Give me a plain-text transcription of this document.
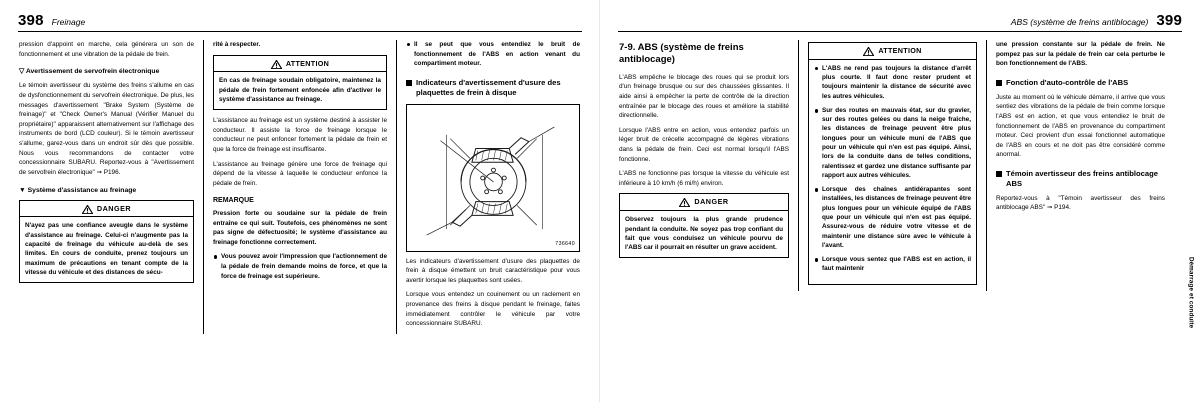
398 Freinage

pression d'appoint en marche, cela générera un son de fonctionnement et une vibration de la pédale de frein.

▽ Avertissement de servofrein électronique

Le témoin avertisseur du système des freins s'allume en cas de dysfonctionnement du servofrein électronique. De plus, les messages d'avertissement "Brake System (Système de freinage)" et "Check Owner's Manual (Vérifier Manuel du propriétaire)" apparaissent alternativement sur l'affichage des instruments de bord (LCD couleur). Si le témoin avertisseur s'allume, garez-vous dans un endroit sûr dès que possible. Nous vous recommandons de contacter votre concessionnaire SUBARU. Reportez-vous à "Avertissement de servofrein électronique" ➞ P196.

▼ Système d'assistance au freinage
DANGER
N'ayez pas une confiance aveugle dans le système d'assistance au freinage. Celui-ci n'augmente pas la capacité de freinage du véhicule au-delà de ses limites. En cours de conduite, prenez toujours un maximum de précautions en tenant compte de la vitesse du véhicule et des distances de sécu-

rité à respecter.

ATTENTION
En cas de freinage soudain obligatoire, maintenez la pédale de frein fortement enfoncée afin d'activer le système d'assistance au freinage.

L'assistance au freinage est un système destiné à assister le conducteur. Il assiste la force de freinage lorsque le conducteur ne peut enfoncer fortement la pédale de frein et que la force de freinage est insuffisante.

L'assistance au freinage génère une force de freinage qui dépend de la vitesse à laquelle le conducteur enfonce la pédale de frein.

REMARQUE

Pression forte ou soudaine sur la pédale de frein entraîne ce qui suit. Toutefois, ces phénomènes ne sont pas signe de défectuosité; le système d'assistance au freinage fonctionne correctement.

Vous pouvez avoir l'impression que l'actionnement de la pédale de frein demande moins de force, et que la force de freinage est supérieure.
Il se peut que vous entendiez le bruit de fonctionnement de l'ABS en action venant du compartiment moteur.
Indicateurs d'avertissement d'usure des plaquettes de frein à disque
736640

Les indicateurs d'avertissement d'usure des plaquettes de frein à disque émettent un bruit caractéristique pour vous avertir lorsque les plaquettes sont usées.

Lorsque vous entendez un couinement ou un raclement en provenance des freins à disque pendant le freinage, faites immédiatement contrôler le véhicule par votre concessionnaire SUBARU.

ABS (système de freins antiblocage) 399
7-9. ABS (système de freins antiblocage)

L'ABS empêche le blocage des roues qui se produit lors d'un freinage brusque ou sur des chaussées glissantes. Il aide ainsi à empêcher la perte de contrôle de la direction entraînée par le blocage des roues et améliore la stabilité directionnelle.

Lorsque l'ABS entre en action, vous entendez parfois un léger bruit de crécelle accompagné de légères vibrations dans la pédale de frein. Ceci est normal lorsqu'il l'ABS fonctionne.

L'ABS ne fonctionne pas lorsque la vitesse du véhicule est inférieure à 10 km/h (6 mi/h) environ.

DANGER
Observez toujours la plus grande prudence pendant la conduite. Ne soyez pas trop confiant du fait que vous conduisez un véhicule pourvu de l'ABS car il pourrait en résulter un grave accident.
ATTENTION
L'ABS ne rend pas toujours la distance d'arrêt plus courte. Il faut donc rester prudent et toujours maintenir la distance de sécurité avec les autres véhicules.
Sur des routes en mauvais état, sur du gravier, sur des routes gelées ou dans la neige fraîche, les distances de freinage peuvent être plus longues pour un véhicule muni de l'ABS que pour un véhicule qui n'en est pas équipé. Ainsi, lors de la conduite dans de telles conditions, ralentissez et gardez une distance suffisante par rapport aux autres véhicules.
Lorsque des chaînes antidérapantes sont installées, les distances de freinage peuvent être plus longues pour un véhicule équipé de l'ABS que pour un véhicule qui n'en est pas équipé. Assurez-vous de réduire votre vitesse et de maintenir une distance sûre avec le véhicule à l'avant.
Lorsque vous sentez que l'ABS est en action, il faut maintenir

une pression constante sur la pédale de frein. Ne pompez pas sur la pédale de frein car cela perturbe le bon fonctionnement de l'ABS.

Fonction d'auto-contrôle de l'ABS

Juste au moment où le véhicule démarre, il arrive que vous sentiez des vibrations de la pédale de frein comme lorsque l'ABS est en action, et que vous entendiez le bruit de fonctionnement de l'ABS en provenance du compartiment moteur. Ceci provient d'un essai fonctionnel automatique de l'ABS en cours et ne doit pas être considéré comme anormal.

Témoin avertisseur des freins antiblocage ABS

Reportez-vous à "Témoin avertisseur des freins antiblocage ABS" ➞ P194.

Démarrage et conduite
